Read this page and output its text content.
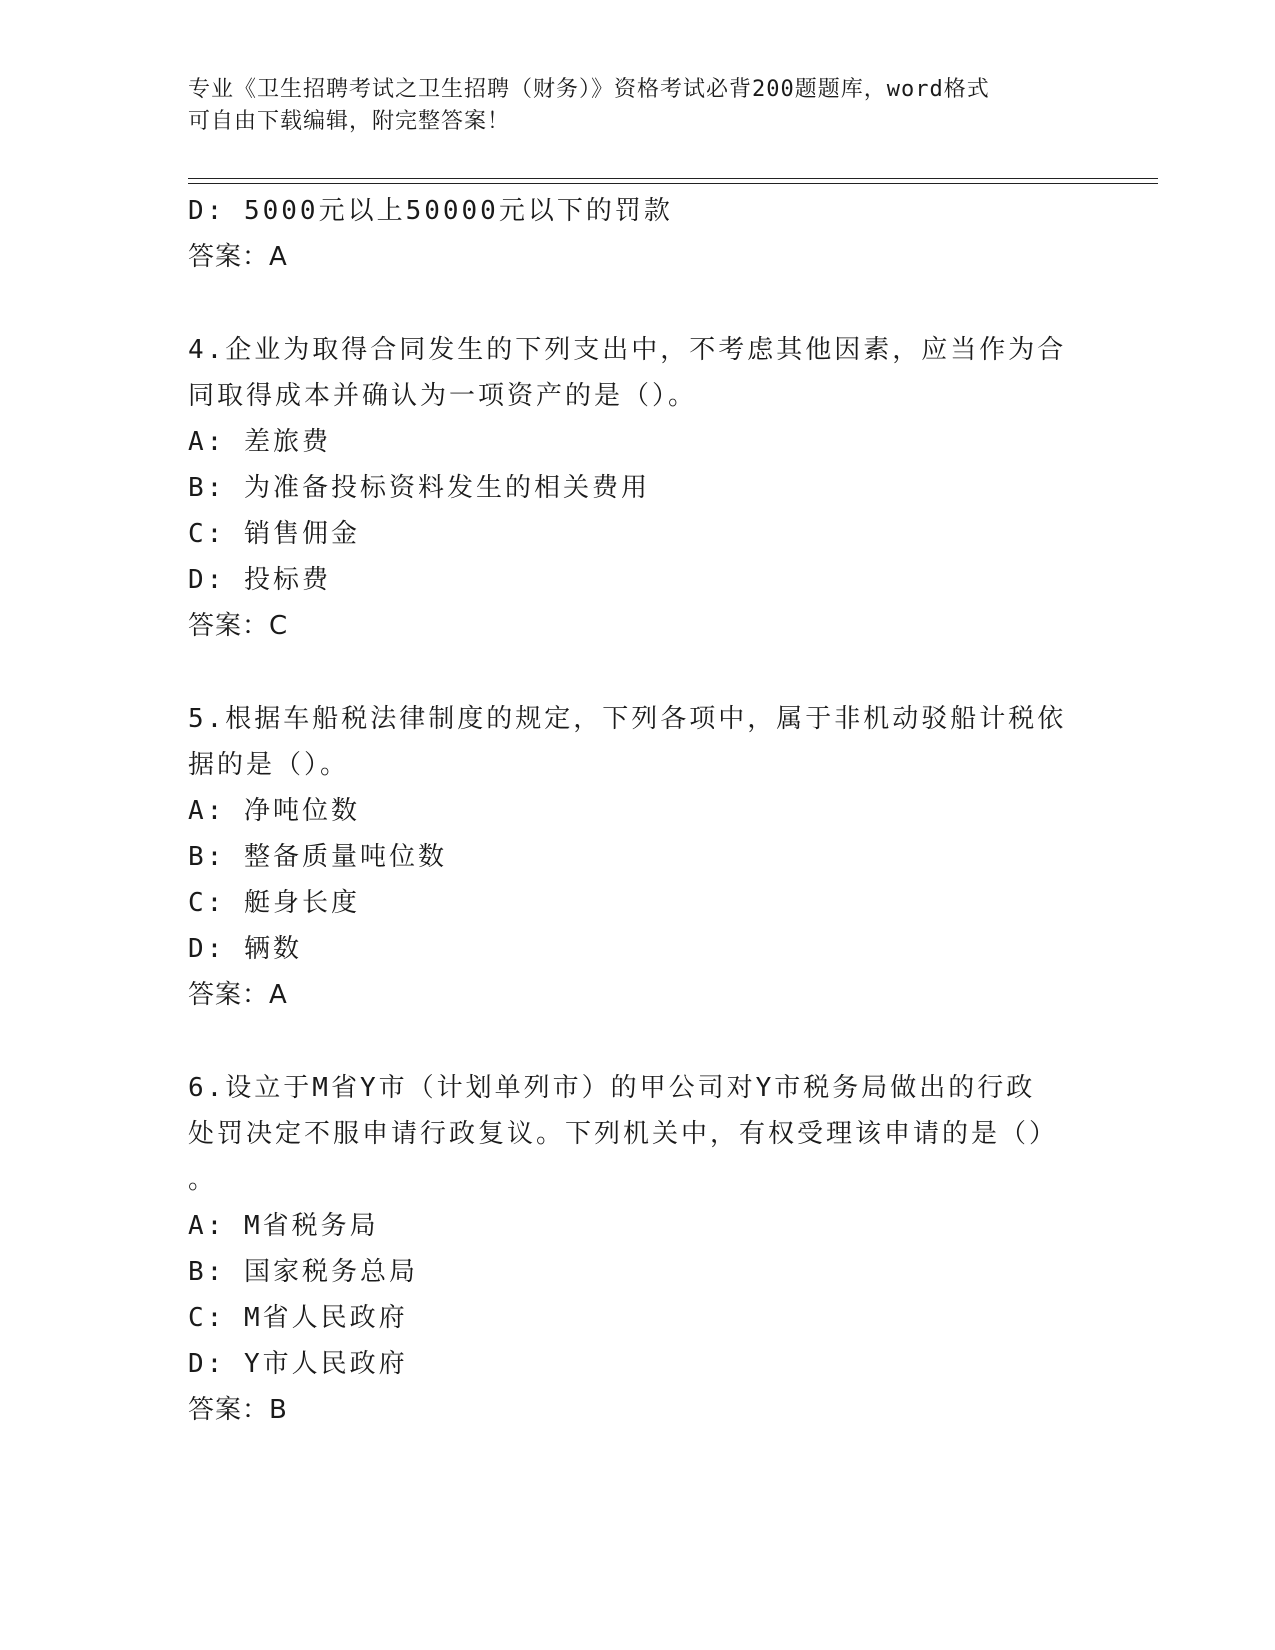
专业《卫生招聘考试之卫生招聘（财务）》资格考试必背200题题库，word格式
可自由下载编辑，附完整答案！
D: 5000元以上50000元以下的罚款
答案：A
4.企业为取得合同发生的下列支出中，不考虑其他因素，应当作为合
同取得成本并确认为一项资产的是（）。
A: 差旅费
B: 为准备投标资料发生的相关费用
C: 销售佣金
D: 投标费
答案：C
5.根据车船税法律制度的规定，下列各项中，属于非机动驳船计税依
据的是（）。
A: 净吨位数
B: 整备质量吨位数
C: 艇身长度
D: 辆数
答案：A
6.设立于M省Y市（计划单列市）的甲公司对Y市税务局做出的行政
处罚决定不服申请行政复议。下列机关中，有权受理该申请的是（）
。
A: M省税务局
B: 国家税务总局
C: M省人民政府
D: Y市人民政府
答案：B
